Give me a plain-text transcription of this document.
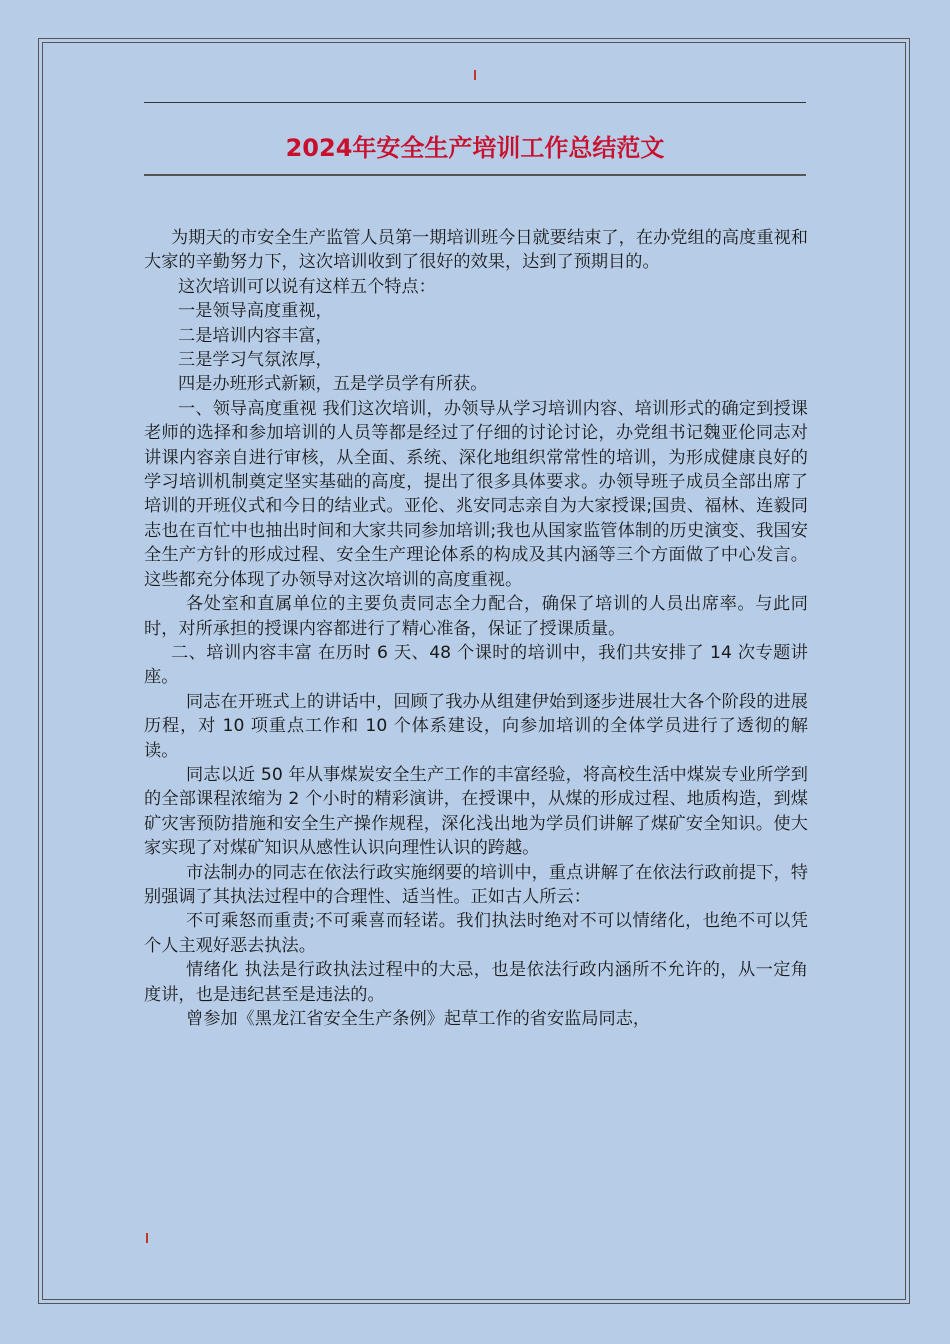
2024年安全生产培训工作总结范文

为期天的市安全生产监管人员第一期培训班今日就要结束了，在办党组的高度重视和大家的辛勤努力下，这次培训收到了很好的效果，达到了预期目的。

这次培训可以说有这样五个特点：

一是领导高度重视，

二是培训内容丰富，

三是学习气氛浓厚，

四是办班形式新颖，五是学员学有所获。

一、领导高度重视 我们这次培训，办领导从学习培训内容、培训形式的确定到授课老师的选择和参加培训的人员等都是经过了仔细的讨论讨论，办党组书记魏亚伦同志对讲课内容亲自进行审核，从全面、系统、深化地组织常常性的培训，为形成健康良好的学习培训机制奠定坚实基础的高度，提出了很多具体要求。办领导班子成员全部出席了培训的开班仪式和今日的结业式。亚伦、兆安同志亲自为大家授课;国贵、福林、连毅同志也在百忙中也抽出时间和大家共同参加培训;我也从国家监管体制的历史演变、我国安全生产方针的形成过程、安全生产理论体系的构成及其内涵等三个方面做了中心发言。这些都充分体现了办领导对这次培训的高度重视。

各处室和直属单位的主要负责同志全力配合，确保了培训的人员出席率。与此同时，对所承担的授课内容都进行了精心准备，保证了授课质量。

二、培训内容丰富 在历时 6 天、48 个课时的培训中，我们共安排了 14 次专题讲座。

同志在开班式上的讲话中，回顾了我办从组建伊始到逐步进展壮大各个阶段的进展历程，对 10 项重点工作和 10 个体系建设，向参加培训的全体学员进行了透彻的解读。

同志以近 50 年从事煤炭安全生产工作的丰富经验，将高校生活中煤炭专业所学到的全部课程浓缩为 2 个小时的精彩演讲，在授课中，从煤的形成过程、地质构造，到煤矿灾害预防措施和安全生产操作规程，深化浅出地为学员们讲解了煤矿安全知识。使大家实现了对煤矿知识从感性认识向理性认识的跨越。

市法制办的同志在依法行政实施纲要的培训中，重点讲解了在依法行政前提下，特别强调了其执法过程中的合理性、适当性。正如古人所云：

不可乘怒而重责;不可乘喜而轻诺。我们执法时绝对不可以情绪化，也绝不可以凭个人主观好恶去执法。

情绪化 执法是行政执法过程中的大忌，也是依法行政内涵所不允许的，从一定角度讲，也是违纪甚至是违法的。

曾参加《黑龙江省安全生产条例》起草工作的省安监局同志，
